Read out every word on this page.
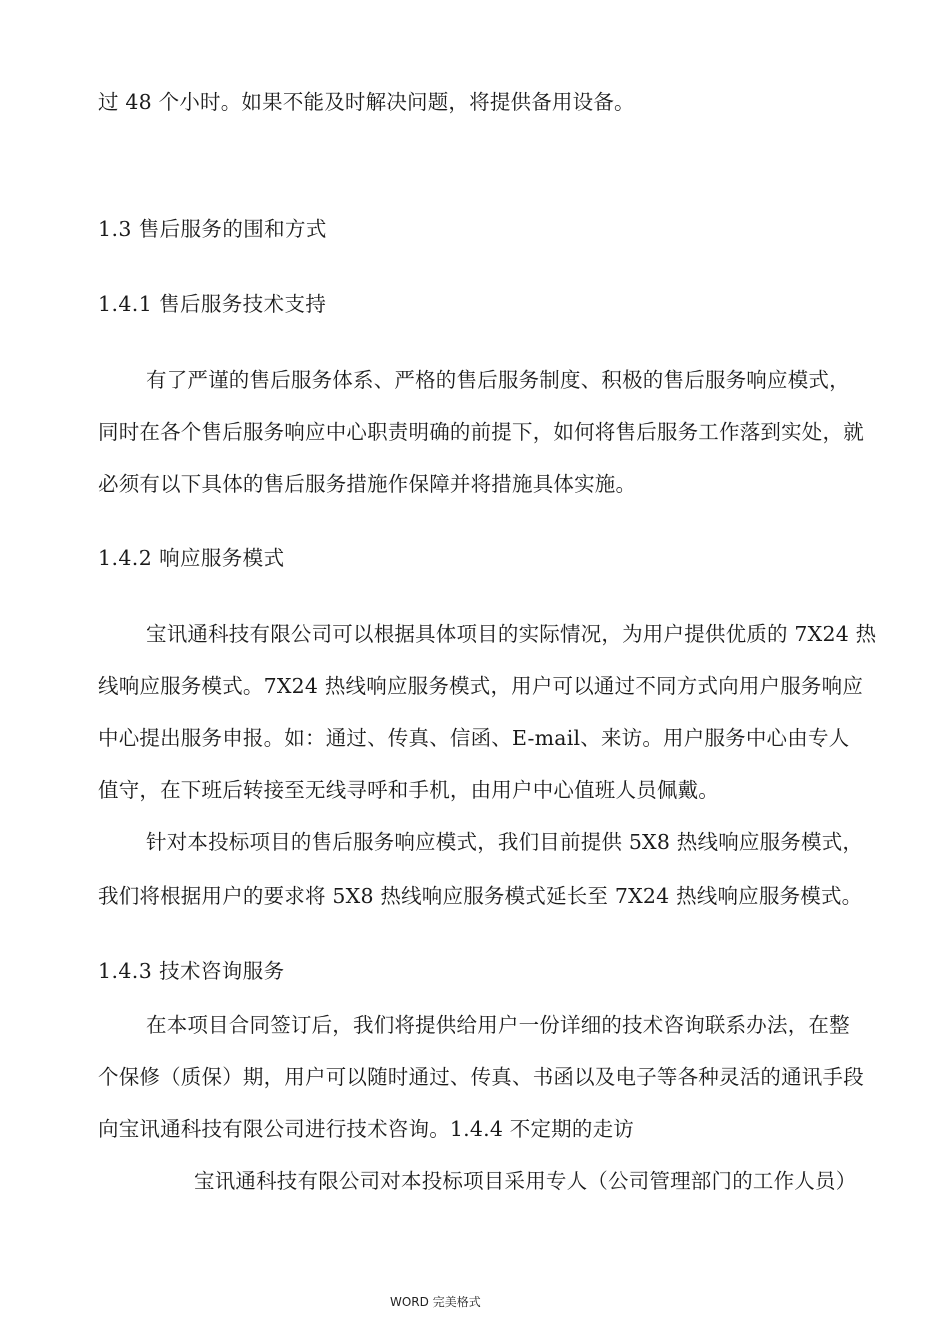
过 48 个小时。如果不能及时解决问题，将提供备用设备。
1.3 售后服务的围和方式
1.4.1 售后服务技术支持
有了严谨的售后服务体系、严格的售后服务制度、积极的售后服务响应模式，
同时在各个售后服务响应中心职责明确的前提下，如何将售后服务工作落到实处，就
必须有以下具体的售后服务措施作保障并将措施具体实施。
1.4.2 响应服务模式
宝讯通科技有限公司可以根据具体项目的实际情况，为用户提供优质的 7X24 热
线响应服务模式。7X24 热线响应服务模式，用户可以通过不同方式向用户服务响应
中心提出服务申报。如：通过、传真、信函、E-mail、来访。用户服务中心由专人
值守，在下班后转接至无线寻呼和手机，由用户中心值班人员佩戴。
针对本投标项目的售后服务响应模式，我们目前提供 5X8 热线响应服务模式，
我们将根据用户的要求将 5X8 热线响应服务模式延长至 7X24 热线响应服务模式。
1.4.3 技术咨询服务
在本项目合同签订后，我们将提供给用户一份详细的技术咨询联系办法，在整
个保修（质保）期，用户可以随时通过、传真、书函以及电子等各种灵活的通讯手段
向宝讯通科技有限公司进行技术咨询。1.4.4 不定期的走访
宝讯通科技有限公司对本投标项目采用专人（公司管理部门的工作人员）
WORD 完美格式
